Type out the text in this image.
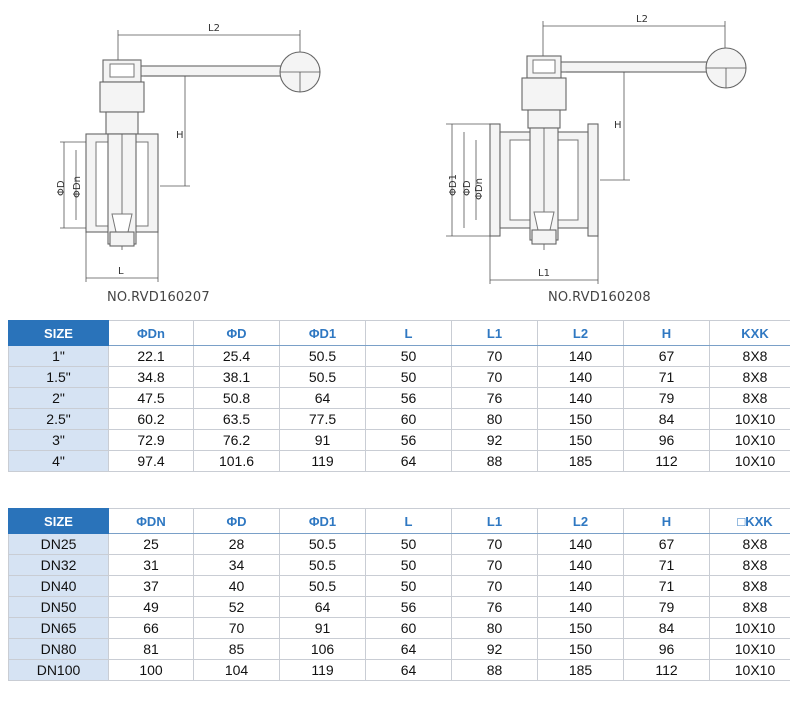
L2
H
ΦD ΦDn
L
L2
H
ΦD1 ΦD ΦDn
L1
NO.RVD160207	NO.RVD160208
SIZE	ΦDn	ΦD	ΦD1	L	L1	L2	H	KXK
1"	22.1	25.4	50.5	50	70	140	67	8X8
1.5"	34.8	38.1	50.5	50	70	140	71	8X8
2"	47.5	50.8	64	56	76	140	79	8X8
2.5"	60.2	63.5	77.5	60	80	150	84	10X10
3"	72.9	76.2	91	56	92	150	96	10X10
4"	97.4	101.6	119	64	88	185	112	10X10
SIZE	ΦDN	ΦD	ΦD1	L	L1	L2	H	□KXK
DN25	25	28	50.5	50	70	140	67	8X8
DN32	31	34	50.5	50	70	140	71	8X8
DN40	37	40	50.5	50	70	140	71	8X8
DN50	49	52	64	56	76	140	79	8X8
DN65	66	70	91	60	80	150	84	10X10
DN80	81	85	106	64	92	150	96	10X10
DN100	100	104	119	64	88	185	112	10X10
